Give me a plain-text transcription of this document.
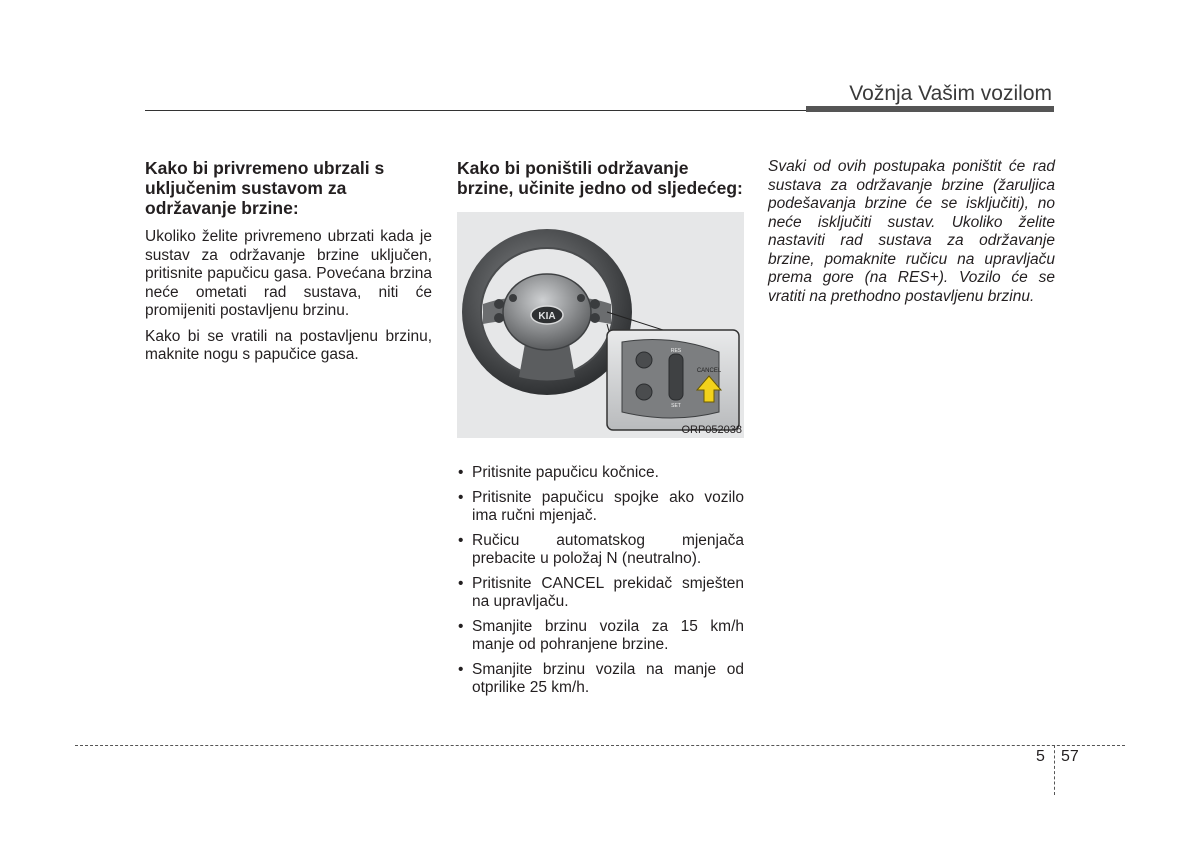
Vožnja Vašim vozilom
Kako bi privremeno ubrzali s uključenim sustavom za održavanje brzine:

Ukoliko želite privremeno ubrzati kada je sustav za održavanje brzine uključen, pritisnite papučicu gasa. Povećana brzina neće ometati rad sustava, niti će promijeniti postavljenu brzinu.

Kako bi se vratili na postavljenu brzinu, maknite nogu s papučice gasa.

Kako bi poništili održavanje brzine, učinite jedno od sljedećeg:
KIA
RES
SET
CANCEL
ORP052038
• Pritisnite papučicu kočnice.
• Pritisnite papučicu spojke ako vozilo ima ručni mjenjač.
• Ručicu automatskog mjenjača prebacite u položaj N (neutralno).
• Pritisnite CANCEL prekidač smješten na upravljaču.
• Smanjite brzinu vozila za 15 km/h manje od pohranjene brzine.
• Smanjite brzinu vozila na manje od otprilike 25 km/h.

Svaki od ovih postupaka poništit će rad sustava za održavanje brzine (žaruljica podešavanja brzine će se isključiti), no neće isključiti sustav. Ukoliko želite nastaviti rad sustava za održavanje brzine, pomaknite ručicu na upravljaču prema gore (na RES+). Vozilo će se vratiti na prethodno postavljenu brzinu.

5 57
